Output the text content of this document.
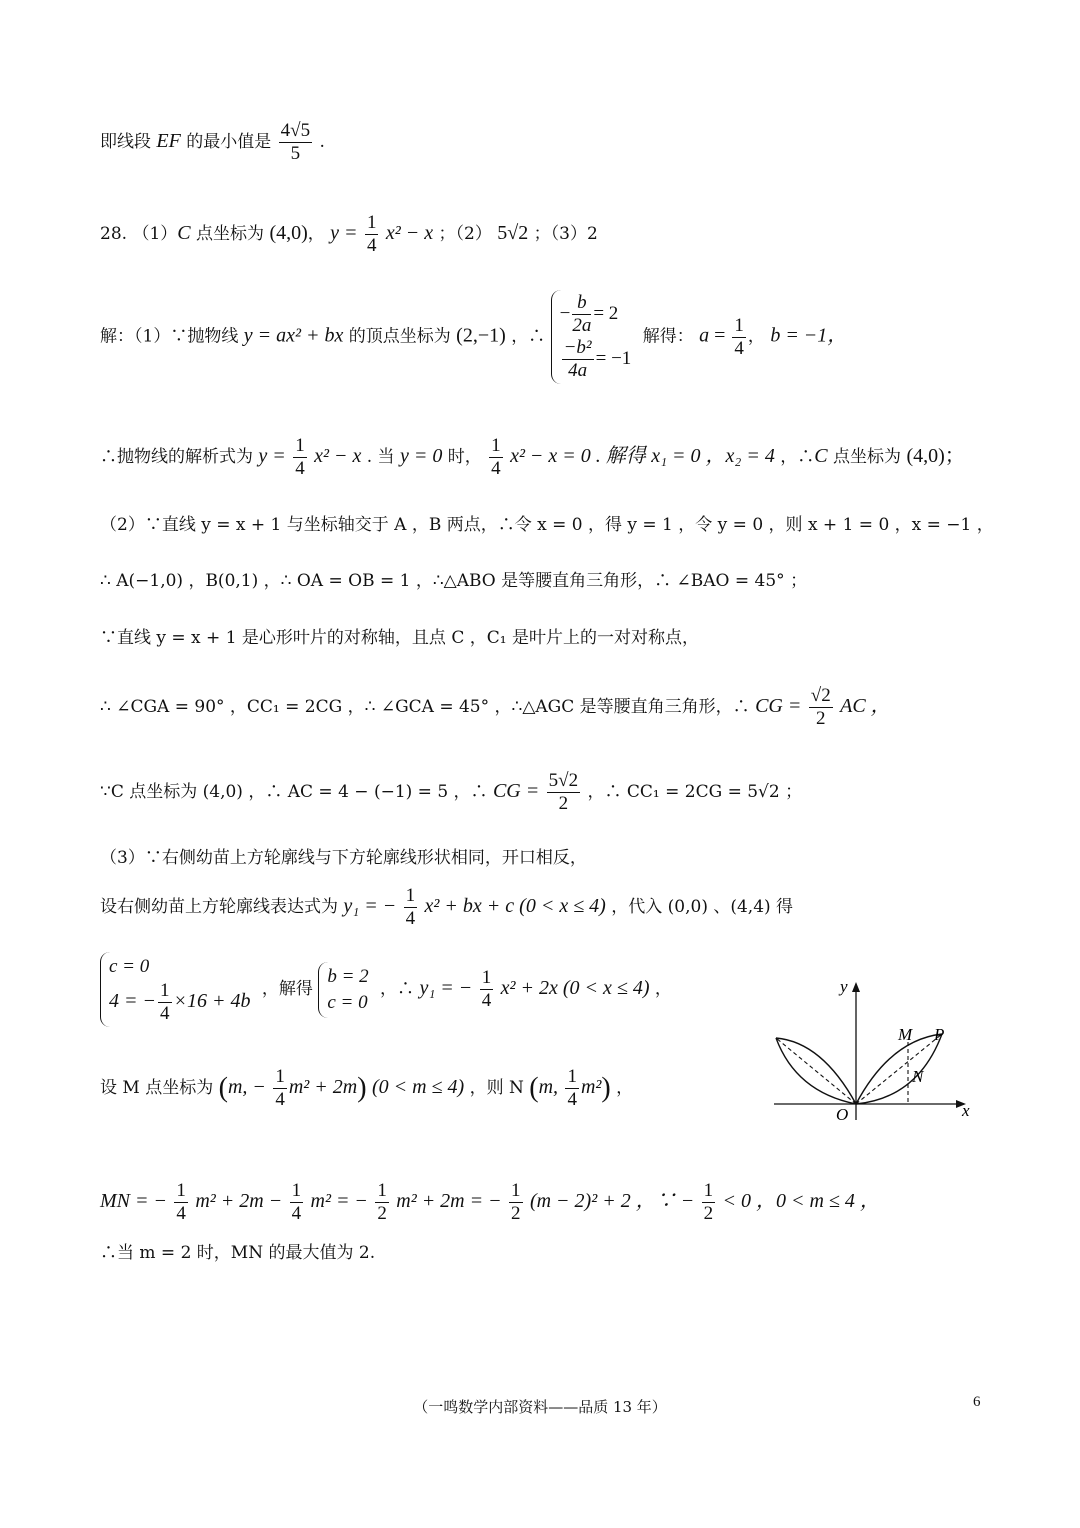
即线段 EF 的最小值是 $\frac{4√5}{5}$ .
28. （1）C 点坐标为 (4,0)， $y = \frac{1}{4} x^2 - x$ ；（2） 5√2 ；（3）2
解：（1）∵抛物线 y = ax² + bx 的顶点坐标为 (2,−1) ，∴
− $\frac{b}{2a} = 2$
$\frac{\text{−b²}}{4a} = -1$
解得： $a = \frac{1}{4}$ ， b = −1，
∴抛物线的解析式为 $y = \frac{1}{4} x^2 - x$ . 当 y = 0 时， $\frac{1}{4} x^2 - x = 0$ . 解得 x₁ = 0 ，x₂ = 4 ，∴C 点坐标为 (4,0)；
（2）∵直线 y = x + 1 与坐标轴交于 A ，B 两点，∴令 x = 0 ，得 y = 1 ，令 y = 0 ，则 x + 1 = 0 ，x = −1 ，
∴ A(−1,0) ，B(0,1) ，∴ OA = OB = 1 ，∴△ABO 是等腰直角三角形，∴ ∠BAO = 45° ；
∵直线 y = x + 1 是心形叶片的对称轴，且点 C ，C₁ 是叶片上的一对对称点，
∴ ∠CGA = 90° ，CC₁ = 2CG ，∴ ∠GCA = 45° ，∴△AGC 是等腰直角三角形，∴ CG = $\frac{√2}{2}$ AC ，
∵C 点坐标为 (4,0) ，∴ AC = 4 − (−1) = 5 ，∴ CG = $\frac{5√2}{2}$ ，∴ CC₁ = 2CG = 5√2 ；
（3）∵右侧幼苗上方轮廓线与下方轮廓线形状相同，开口相反，
设右侧幼苗上方轮廓线表达式为 y₁ = − $\frac{1}{4} x^2$ + bx + c (0 < x ≤ 4) ，代入 (0,0) 、(4,4) 得
c = 0
4 = − $\frac{1}{4} \times 16 + 4b$
，解得
b = 2
c = 0
，∴ y₁ = − $\frac{1}{4} x^2 + 2x$ (0 < x ≤ 4) ，
设 M 点坐标为 (m, − $\frac{1}{4} m^2 + 2m$) (0 < m ≤ 4) ，则 N (m, $\frac{1}{4} m^2$) ，
MN = − $\frac{1}{4} m^2 + 2m - \frac{1}{4} m^2$ = − $\frac{1}{2} m^2 + 2m$ = − $\frac{1}{2} (m - 2)^2 + 2$ ，∵ − $\frac{1}{2} < 0$ ，0 < m ≤ 4 ，
∴当 m = 2 时，MN 的最大值为 2.
y
x
O
M P
N
（一鸣数学内部资料——品质 13 年）	6
